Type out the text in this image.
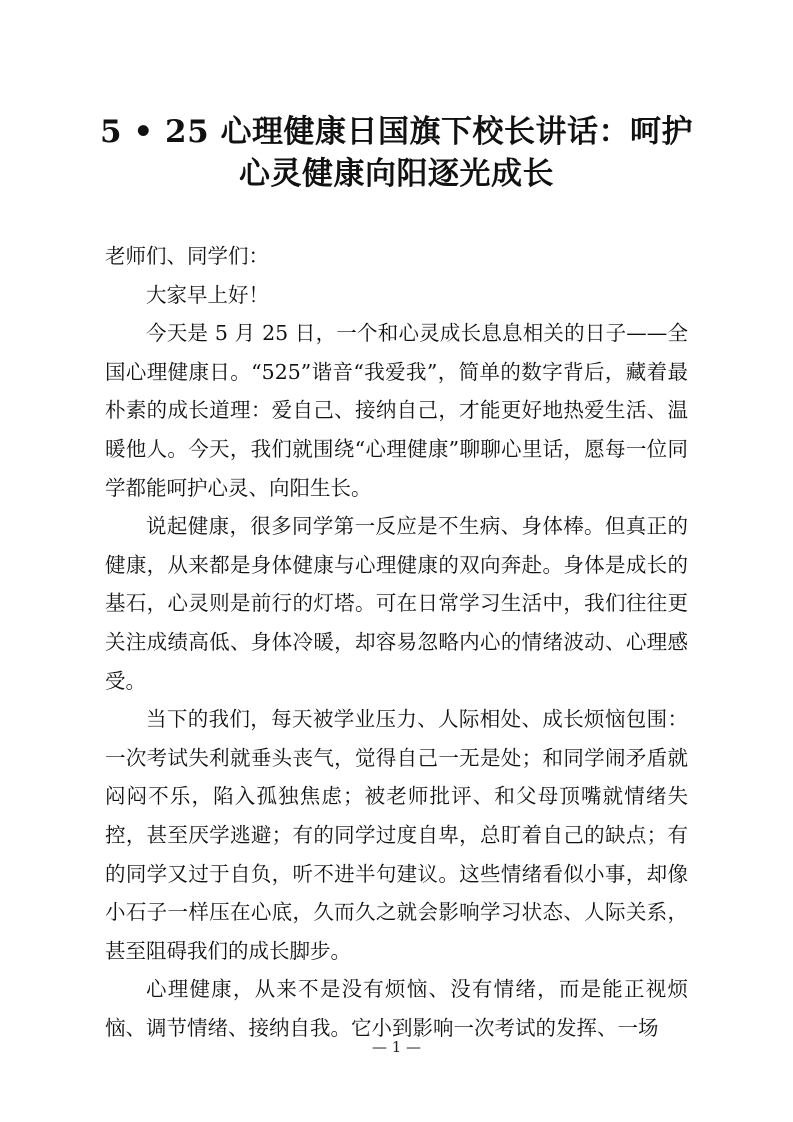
5 • 25 心理健康日国旗下校长讲话：呵护
心灵健康向阳逐光成长

老师们、同学们：

大家早上好！

今天是 5 月 25 日，一个和心灵成长息息相关的日子——全国心理健康日。“525”谐音“我爱我”，简单的数字背后，藏着最朴素的成长道理：爱自己、接纳自己，才能更好地热爱生活、温暖他人。今天，我们就围绕“心理健康”聊聊心里话，愿每一位同学都能呵护心灵、向阳生长。

说起健康，很多同学第一反应是不生病、身体棒。但真正的健康，从来都是身体健康与心理健康的双向奔赴。身体是成长的基石，心灵则是前行的灯塔。可在日常学习生活中，我们往往更关注成绩高低、身体冷暖，却容易忽略内心的情绪波动、心理感受。

当下的我们，每天被学业压力、人际相处、成长烦恼包围：一次考试失利就垂头丧气，觉得自己一无是处；和同学闹矛盾就闷闷不乐，陷入孤独焦虑；被老师批评、和父母顶嘴就情绪失控，甚至厌学逃避；有的同学过度自卑，总盯着自己的缺点；有的同学又过于自负，听不进半句建议。这些情绪看似小事，却像小石子一样压在心底，久而久之就会影响学习状态、人际关系，甚至阻碍我们的成长脚步。

心理健康，从来不是没有烦恼、没有情绪，而是能正视烦恼、调节情绪、接纳自我。它小到影响一次考试的发挥、一场

— 1 —
